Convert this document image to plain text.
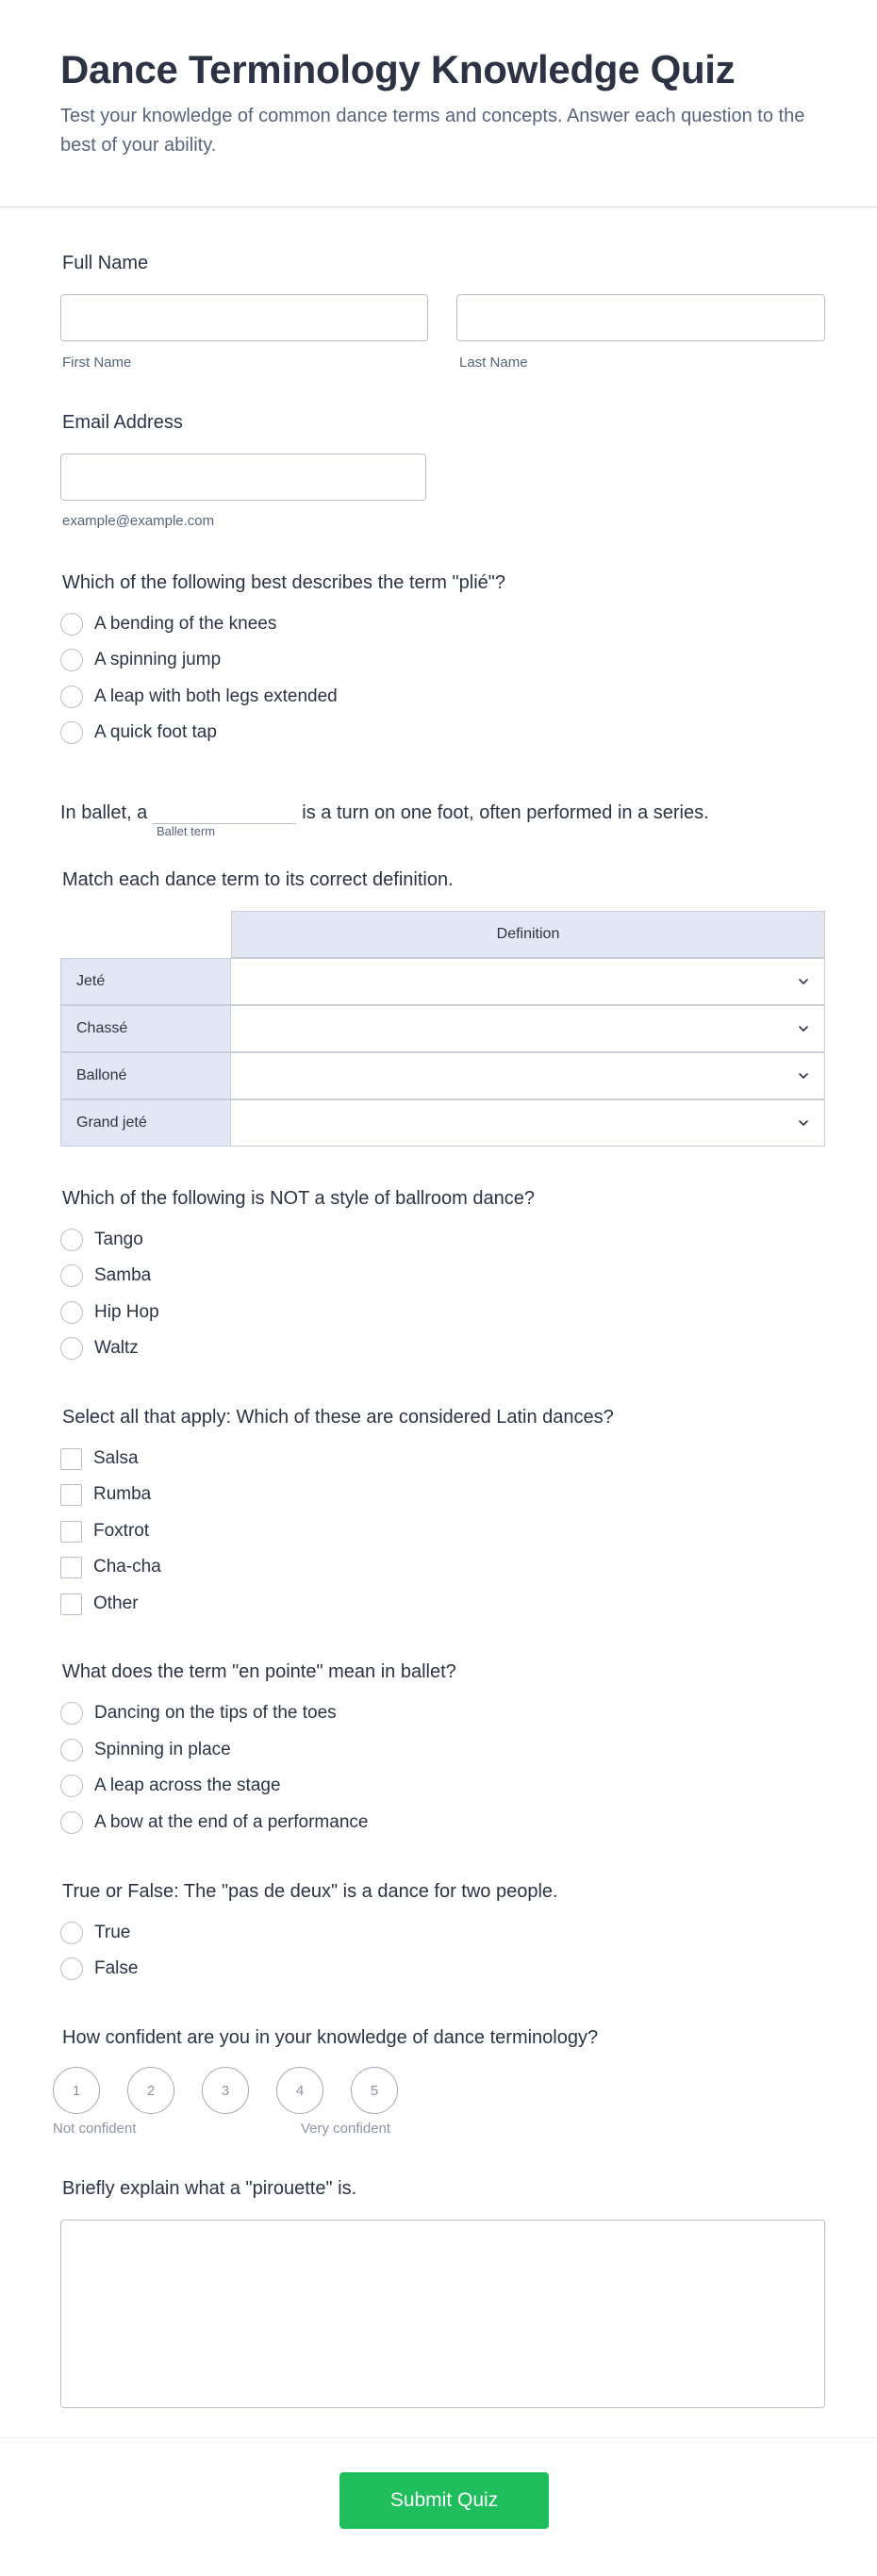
Dance Terminology Knowledge Quiz

Test your knowledge of common dance terms and concepts. Answer each question to the best of your ability.

Full Name
First Name	Last Name
Email Address
example@example.com
Which of the following best describes the term "plié"?
A bending of the knees
A spinning jump
A leap with both legs extended
A quick foot tap
In ballet, a	is a turn on one foot, often performed in a series.
Ballet term
Match each dance term to its correct definition.
Definition
Jeté
Chassé
Balloné
Grand jeté
Which of the following is NOT a style of ballroom dance?
Tango
Samba
Hip Hop
Waltz
Select all that apply: Which of these are considered Latin dances?
Salsa
Rumba
Foxtrot
Cha-cha
Other
What does the term "en pointe" mean in ballet?
Dancing on the tips of the toes
Spinning in place
A leap across the stage
A bow at the end of a performance
True or False: The "pas de deux" is a dance for two people.
True
False
How confident are you in your knowledge of dance terminology?
1	2	3	4	5
Not confident	Very confident
Briefly explain what a "pirouette" is.
Submit Quiz
